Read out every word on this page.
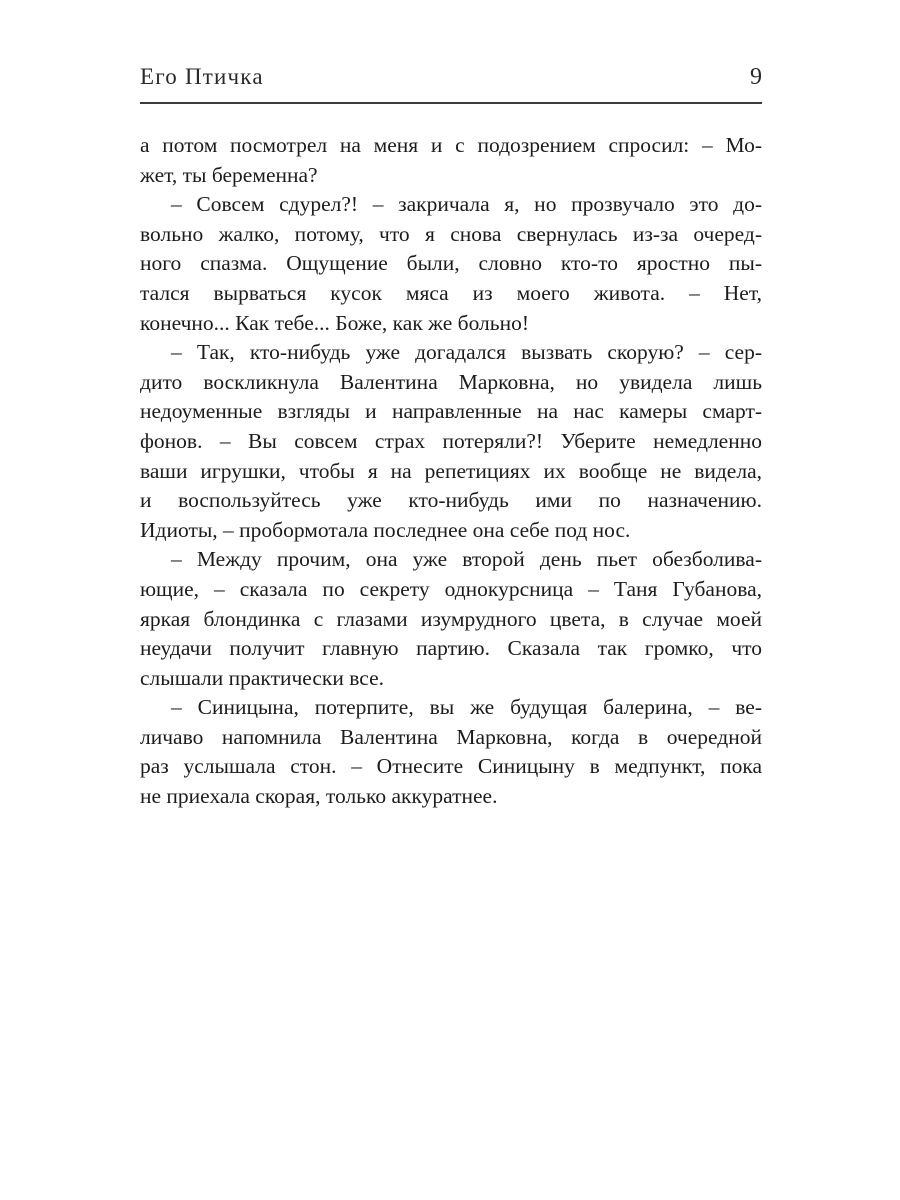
Его Птичка	9
а потом посмотрел на меня и с подозрением спросил: – Мо-
жет, ты беременна?
– Совсем сдурел?! – закричала я, но прозвучало это до-
вольно жалко, потому, что я снова свернулась из-за очеред-
ного спазма. Ощущение были, словно кто-то яростно пы-
тался вырваться кусок мяса из моего живота. – Нет,
конечно... Как тебе... Боже, как же больно!
– Так, кто-нибудь уже догадался вызвать скорую? – сер-
дито воскликнула Валентина Марковна, но увидела лишь
недоуменные взгляды и направленные на нас камеры смарт-
фонов. – Вы совсем страх потеряли?! Уберите немедленно
ваши игрушки, чтобы я на репетициях их вообще не видела,
и воспользуйтесь уже кто-нибудь ими по назначению.
Идиоты, – пробормотала последнее она себе под нос.
– Между прочим, она уже второй день пьет обезболива-
ющие, – сказала по секрету однокурсница – Таня Губанова,
яркая блондинка с глазами изумрудного цвета, в случае моей
неудачи получит главную партию. Сказала так громко, что
слышали практически все.
– Синицына, потерпите, вы же будущая балерина, – ве-
личаво напомнила Валентина Марковна, когда в очередной
раз услышала стон. – Отнесите Синицыну в медпункт, пока
не приехала скорая, только аккуратнее.
